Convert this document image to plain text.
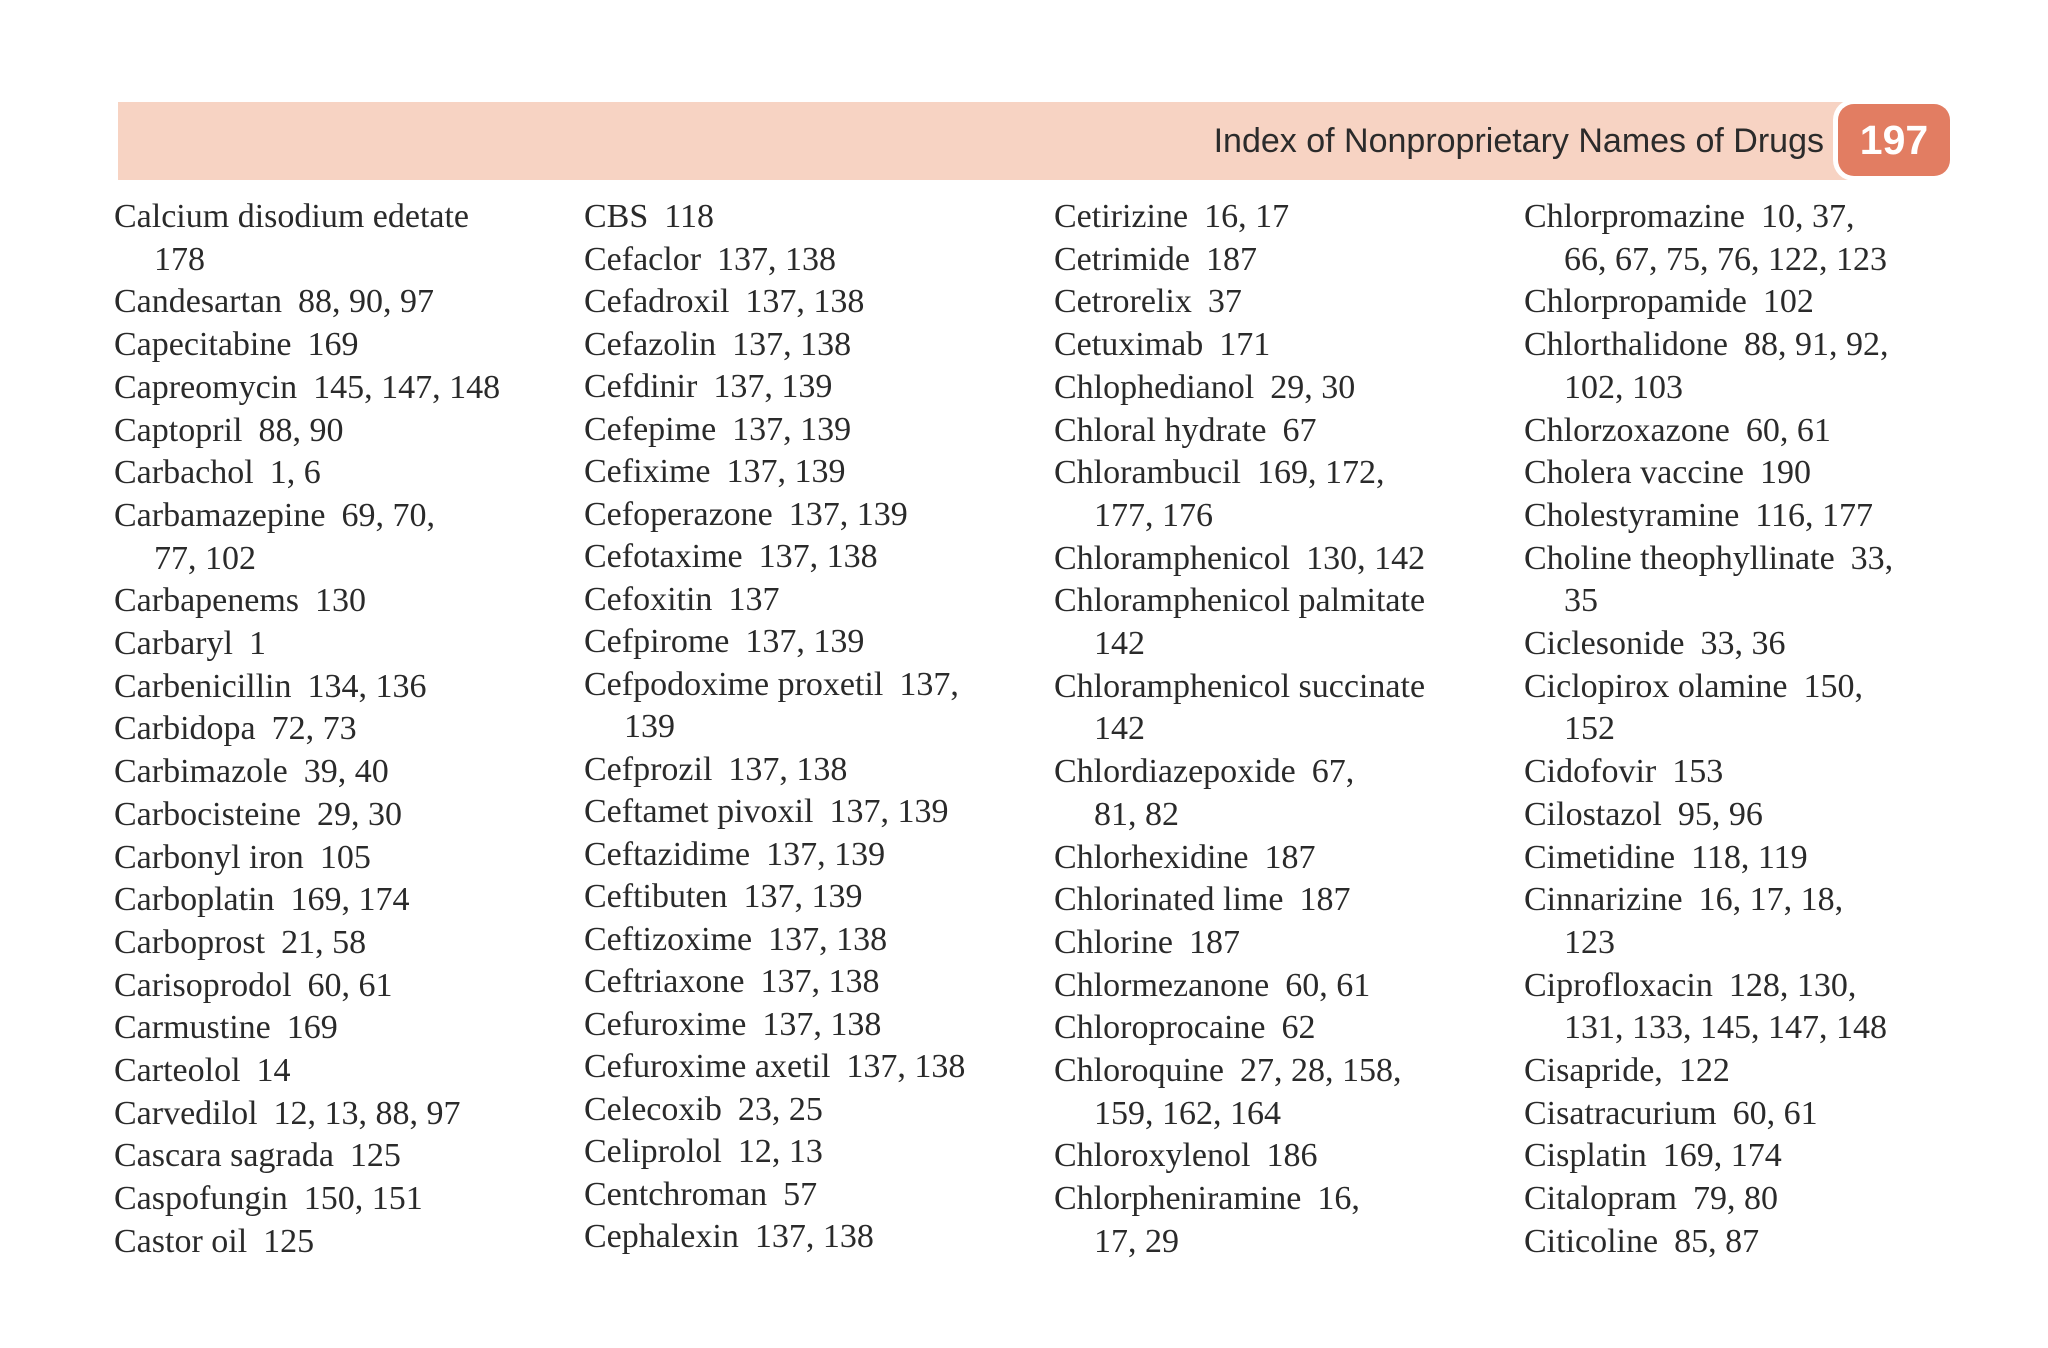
Index of Nonproprietary Names of Drugs 197
Calcium disodium edetate
178
Candesartan 88, 90, 97
Capecitabine 169
Capreomycin 145, 147, 148
Captopril 88, 90
Carbachol 1, 6
Carbamazepine 69, 70,
77, 102
Carbapenems 130
Carbaryl 1
Carbenicillin 134, 136
Carbidopa 72, 73
Carbimazole 39, 40
Carbocisteine 29, 30
Carbonyl iron 105
Carboplatin 169, 174
Carboprost 21, 58
Carisoprodol 60, 61
Carmustine 169
Carteolol 14
Carvedilol 12, 13, 88, 97
Cascara sagrada 125
Caspofungin 150, 151
Castor oil 125
CBS 118
Cefaclor 137, 138
Cefadroxil 137, 138
Cefazolin 137, 138
Cefdinir 137, 139
Cefepime 137, 139
Cefixime 137, 139
Cefoperazone 137, 139
Cefotaxime 137, 138
Cefoxitin 137
Cefpirome 137, 139
Cefpodoxime proxetil 137,
139
Cefprozil 137, 138
Ceftamet pivoxil 137, 139
Ceftazidime 137, 139
Ceftibuten 137, 139
Ceftizoxime 137, 138
Ceftriaxone 137, 138
Cefuroxime 137, 138
Cefuroxime axetil 137, 138
Celecoxib 23, 25
Celiprolol 12, 13
Centchroman 57
Cephalexin 137, 138
Cetirizine 16, 17
Cetrimide 187
Cetrorelix 37
Cetuximab 171
Chlophedianol 29, 30
Chloral hydrate 67
Chlorambucil 169, 172,
177, 176
Chloramphenicol 130, 142
Chloramphenicol palmitate
142
Chloramphenicol succinate
142
Chlordiazepoxide 67,
81, 82
Chlorhexidine 187
Chlorinated lime 187
Chlorine 187
Chlormezanone 60, 61
Chloroprocaine 62
Chloroquine 27, 28, 158,
159, 162, 164
Chloroxylenol 186
Chlorpheniramine 16,
17, 29
Chlorpromazine 10, 37,
66, 67, 75, 76, 122, 123
Chlorpropamide 102
Chlorthalidone 88, 91, 92,
102, 103
Chlorzoxazone 60, 61
Cholera vaccine 190
Cholestyramine 116, 177
Choline theophyllinate 33,
35
Ciclesonide 33, 36
Ciclopirox olamine 150,
152
Cidofovir 153
Cilostazol 95, 96
Cimetidine 118, 119
Cinnarizine 16, 17, 18,
123
Ciprofloxacin 128, 130,
131, 133, 145, 147, 148
Cisapride, 122
Cisatracurium 60, 61
Cisplatin 169, 174
Citalopram 79, 80
Citicoline 85, 87
